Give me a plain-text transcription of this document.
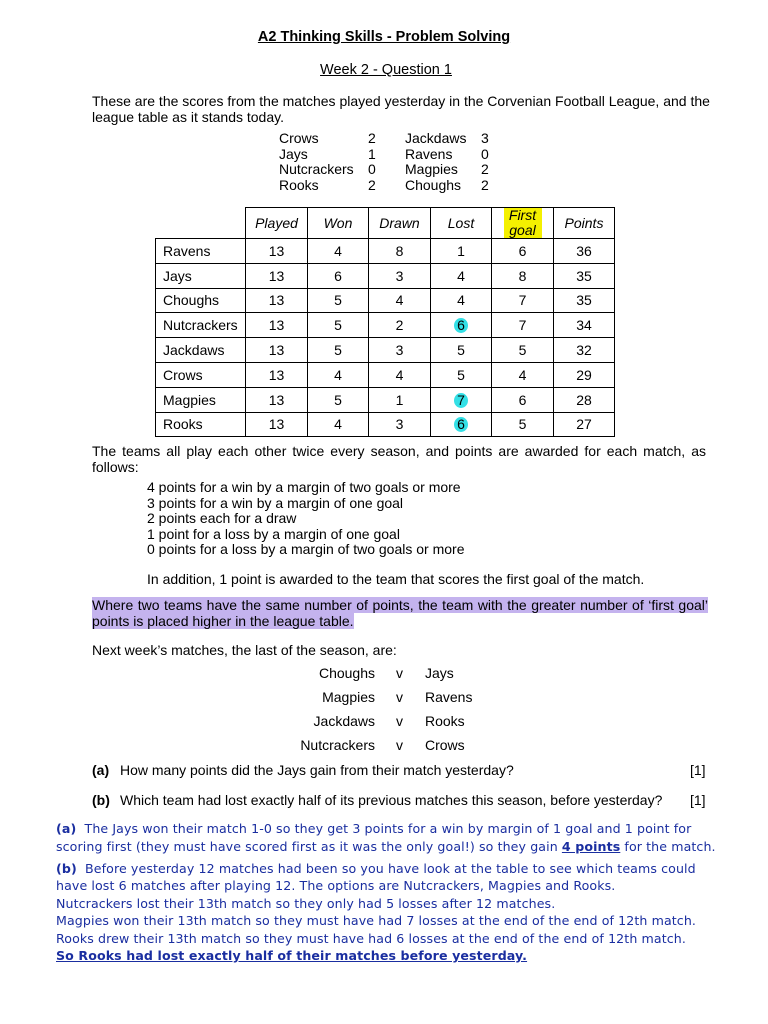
A2 Thinking Skills - Problem Solving
Week 2 - Question 1
These are the scores from the matches played yesterday in the Corvenian Football League, and the league table as it stands today.
Crows	2 Jackdaws 3
Jays	1 Ravens 0
Nutcrackers 0 Magpies 2
Rooks	2 Choughs 2
	Played	Won	Drawn	Lost	First goal	Points
Ravens	13	4	8	1	6	36
Jays	13	6	3	4	8	35
Choughs	13	5	4	4	7	35
Nutcrackers	13	5	2	6	7	34
Jackdaws	13	5	3	5	5	32
Crows	13	4	4	5	4	29
Magpies	13	5	1	7	6	28
Rooks	13	4	3	6	5	27
The teams all play each other twice every season, and points are awarded for each match, as follows:
4 points for a win by a margin of two goals or more
3 points for a win by a margin of one goal
2 points each for a draw
1 point for a loss by a margin of one goal
0 points for a loss by a margin of two goals or more
In addition, 1 point is awarded to the team that scores the first goal of the match.
Where two teams have the same number of points, the team with the greater number of ‘first goal’ points is placed higher in the league table.
Next week’s matches, the last of the season, are:
Choughs v Jays
Magpies v Ravens
Jackdaws v Rooks
Nutcrackers v Crows
(a) How many points did the Jays gain from their match yesterday?	[1]
(b) Which team had lost exactly half of its previous matches this season, before yesterday? [1]
(a) The Jays won their match 1-0 so they get 3 points for a win by margin of 1 goal and 1 point for
scoring first (they must have scored first as it was the only goal!) so they gain 4 points for the match.
(b) Before yesterday 12 matches had been so you have look at the table to see which teams could
have lost 6 matches after playing 12. The options are Nutcrackers, Magpies and Rooks.
Nutcrackers lost their 13th match so they only had 5 losses after 12 matches.
Magpies won their 13th match so they must have had 7 losses at the end of the end of 12th match.
Rooks drew their 13th match so they must have had 6 losses at the end of the end of 12th match.
So Rooks had lost exactly half of their matches before yesterday.
